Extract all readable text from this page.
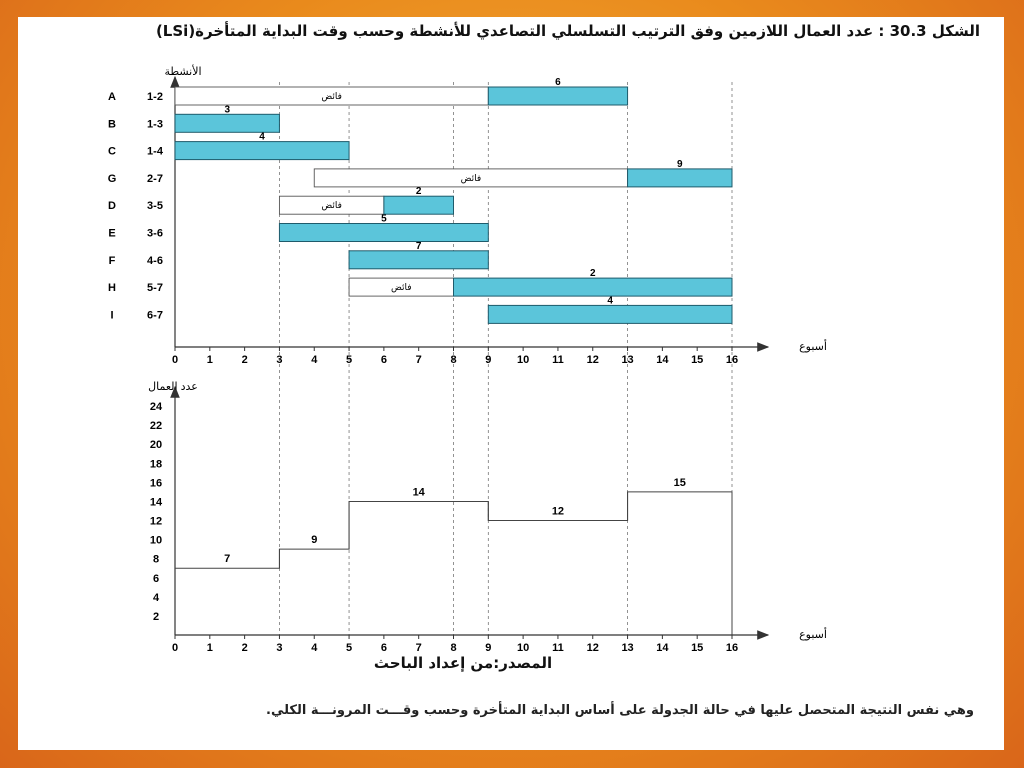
الشكل 30.3 : عدد العمال اللازمين وفق الترتيب التسلسلي التصاعدي للأنشطة وحسب وقت البداية المتأخرة(LSi)
الأنشطة
A	1-2	فائض
6
B	1-3
3
C	1-4
4
G	2-7	فائض
9
D	3-5	فائض
2
E	3-6
5
F	4-6
7
H	5-7	فائض
2
I	6-7
4
0	1	2	3	4	5	6	7	8	9 10 11 12 13 14 15 16
أسبوع
عدد العمال
2
4
6
8
10
12
14
16
18
20
22
24
7
9
14
12
15
0	1	2	3	4	5	6	7	8	9 10 11 12 13 14 15 16
أسبوع
المصدر:من إعداد الباحث
وهي نفس النتيجة المتحصل عليها في حالة الجدولة على أساس البداية المتأخرة وحسب وقـــت المرونـــة الكلي.
